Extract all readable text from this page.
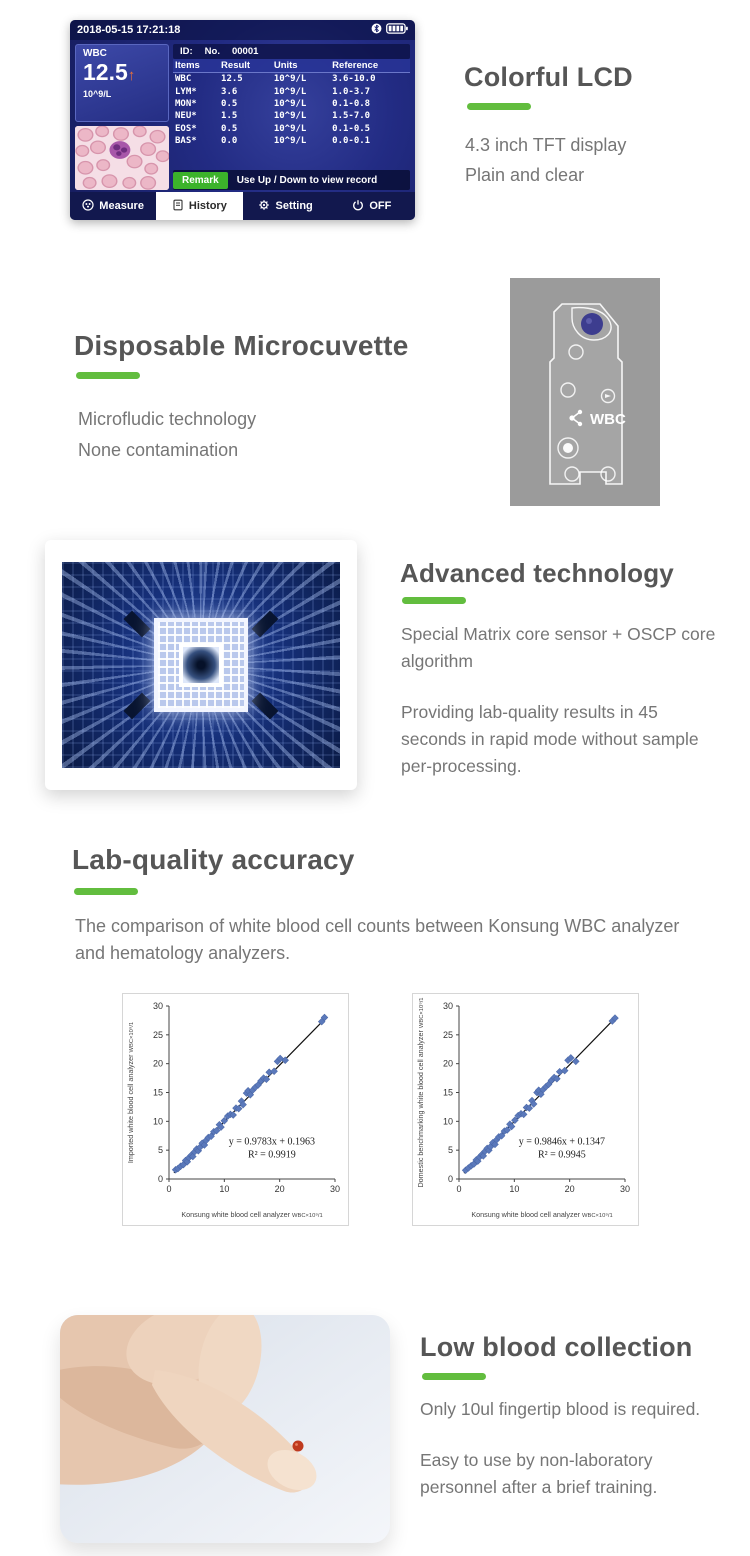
2018-05-15 17:21:18
WBC
12.5↑
10^9/L
ID: No. 00001
Items	Result	Units	Reference
WBC	12.5	10^9/L	3.6-10.0
LYM*	3.6	10^9/L	1.0-3.7
MON*	0.5	10^9/L	0.1-0.8
NEU*	1.5	10^9/L	1.5-7.0
EOS*	0.5	10^9/L	0.1-0.5
BAS*	0.0	10^9/L	0.0-0.1
Remark	Use Up / Down to view record
Measure	History	Setting	OFF
Colorful LCD
4.3 inch TFT display
Plain and clear
Disposable Microcuvette
Microfludic technology
None contamination
WBC
Advanced technology
Special Matrix core sensor + OSCP core algorithm
Providing lab-quality results in 45 seconds in rapid mode without sample per-processing.
Lab-quality accuracy
The comparison of white blood cell counts between Konsung WBC analyzer and hematology analyzers.
0
5
10
15
20
25
30
0	10	20	30
y = 0.9783x + 0.1963
R² = 0.9919
Konsung white blood cell analyzer WBC×10⁹/1
Imported white blood cell analyzer WBC×10⁹/1
0
5
10
15
20
25
30
0	10	20	30
y = 0.9846x + 0.1347
R² = 0.9945
Konsung white blood cell analyzer WBC×10⁹/1
Domestic benchmarking white blood cell analyzer WBC×10⁹/1
Low blood collection
Only 10ul fingertip blood is required.
Easy to use by non-laboratory personnel after a brief training.
